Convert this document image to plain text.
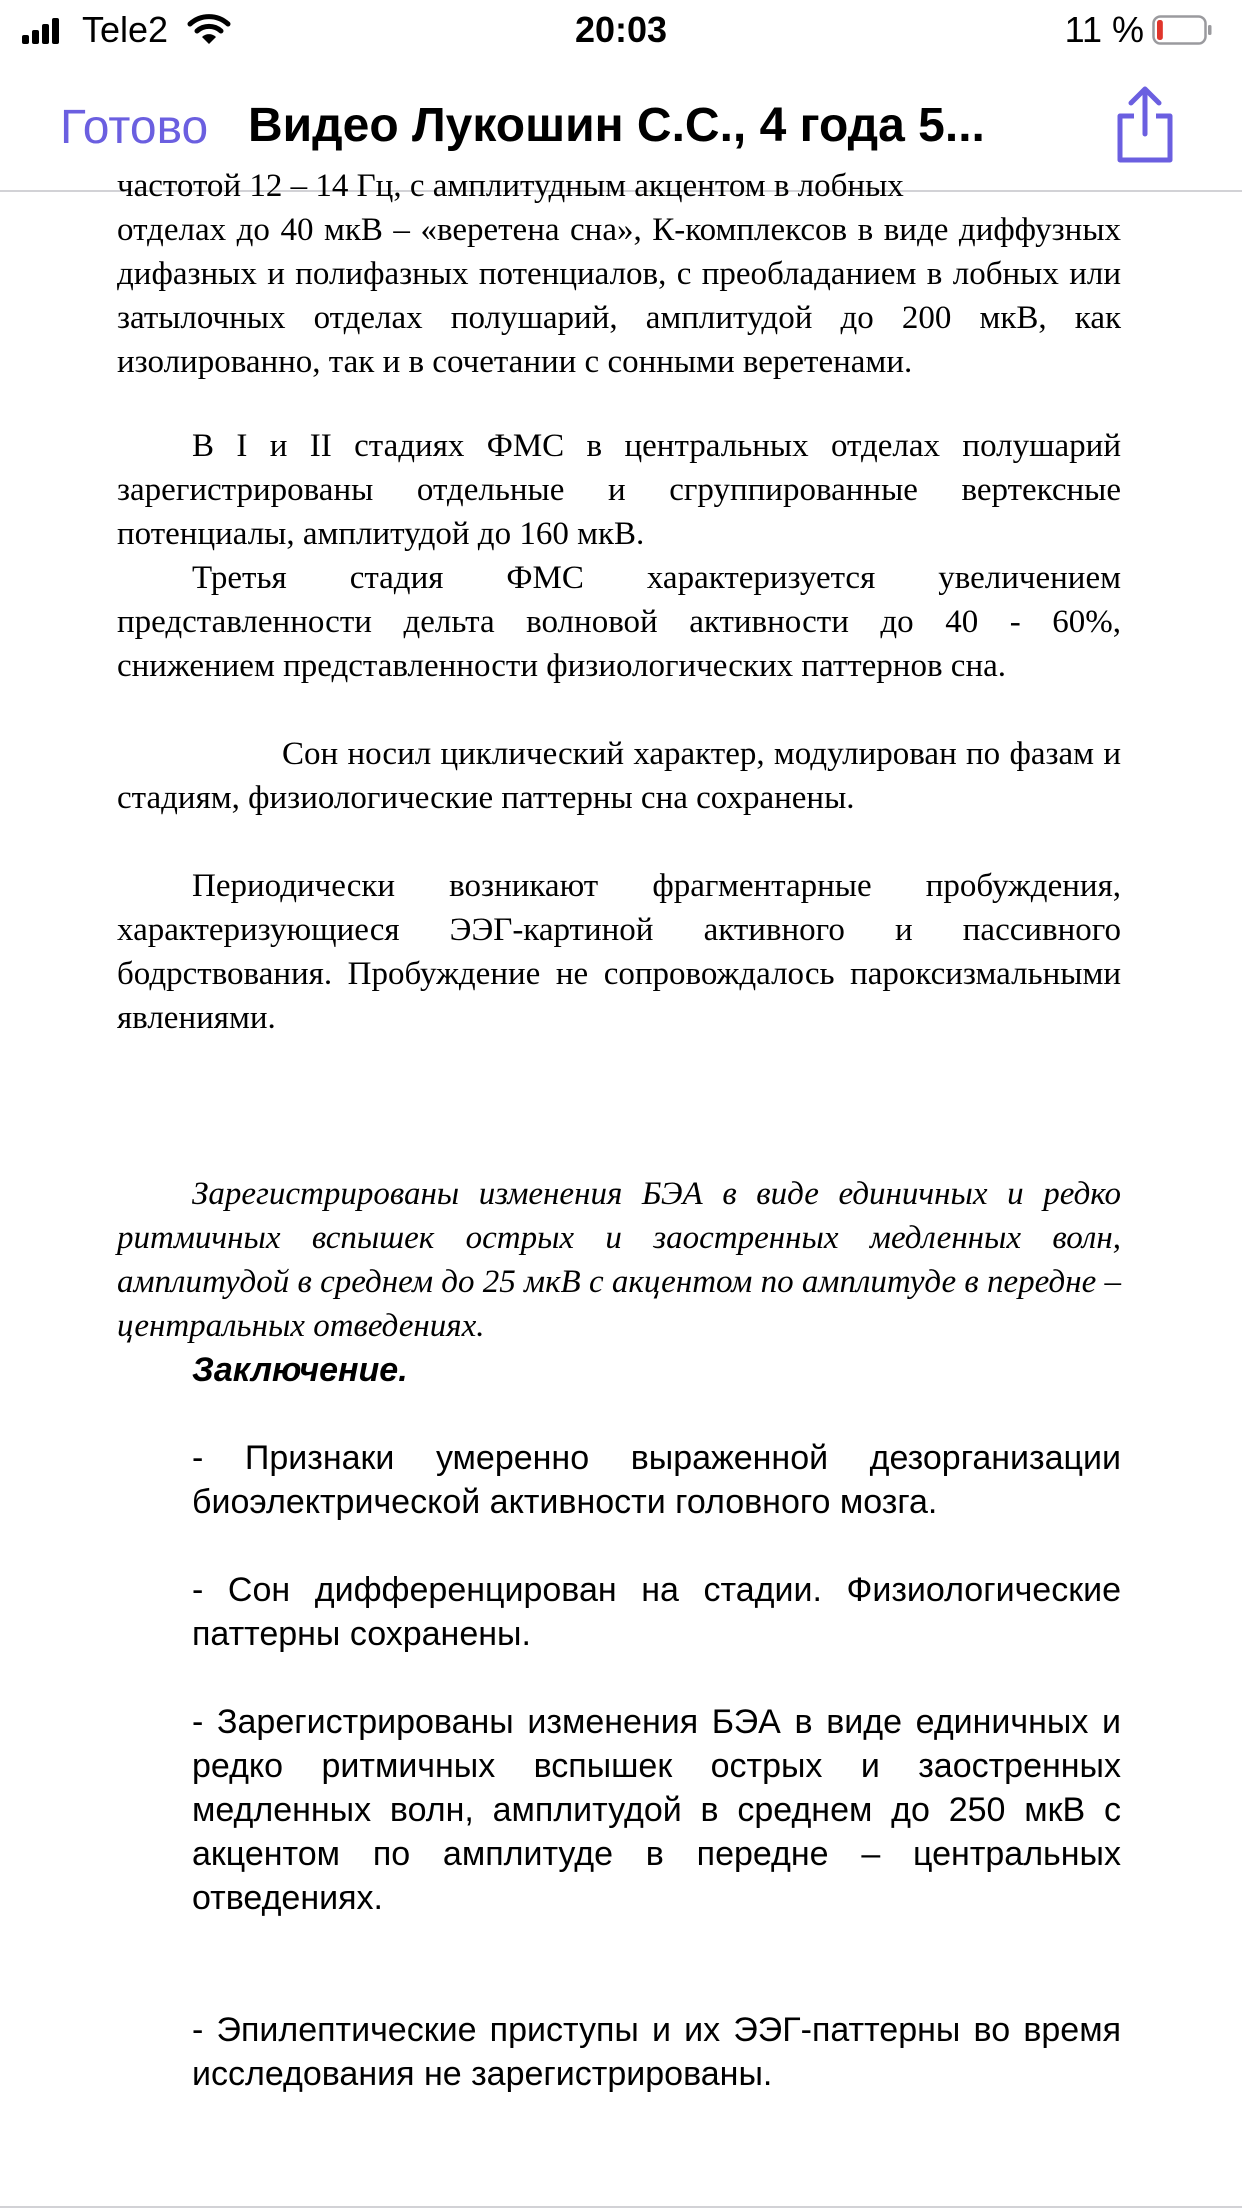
Tele2	20:03	11 %
Готово Видео Лукошин С.С., 4 года 5...

частотой 12 – 14 Гц, с амплитудным акцентом в лобных

отделах до 40 мкВ – «веретена сна», К-комплексов в виде диффузных дифазных и полифазных потенциалов, с преобладанием в лобных или затылочных отделах полушарий, амплитудой до 200 мкВ, как изолированно, так и в сочетании с сонными веретенами.

В I и II стадиях ФМС в центральных отделах полушарий зарегистрированы отдельные и сгруппированные вертексные потенциалы, амплитудой до 160 мкВ.

Третья стадия ФМС характеризуется увеличением представленности дельта волновой активности до 40 - 60%, снижением представленности физиологических паттернов сна.

Сон носил циклический характер, модулирован по фазам и стадиям, физиологические паттерны сна сохранены.

Периодически возникают фрагментарные пробуждения, характеризующиеся ЭЭГ-картиной активного и пассивного бодрствования. Пробуждение не сопровождалось пароксизмальными явлениями.

Зарегистрированы изменения БЭА в виде единичных и редко ритмичных вспышек острых и заостренных медленных волн, амплитудой в среднем до 25 мкВ с акцентом по амплитуде в передне – центральных отведениях.

Заключение.

- Признаки умеренно выраженной дезорганизации биоэлектрической активности головного мозга.

- Сон дифференцирован на стадии. Физиологические паттерны сохранены.

- Зарегистрированы изменения БЭА в виде единичных и редко ритмичных вспышек острых и заостренных медленных волн, амплитудой в среднем до 250 мкВ с акцентом по амплитуде в передне – центральных отведениях.

- Эпилептические приступы и их ЭЭГ-паттерны во время исследования не зарегистрированы.
